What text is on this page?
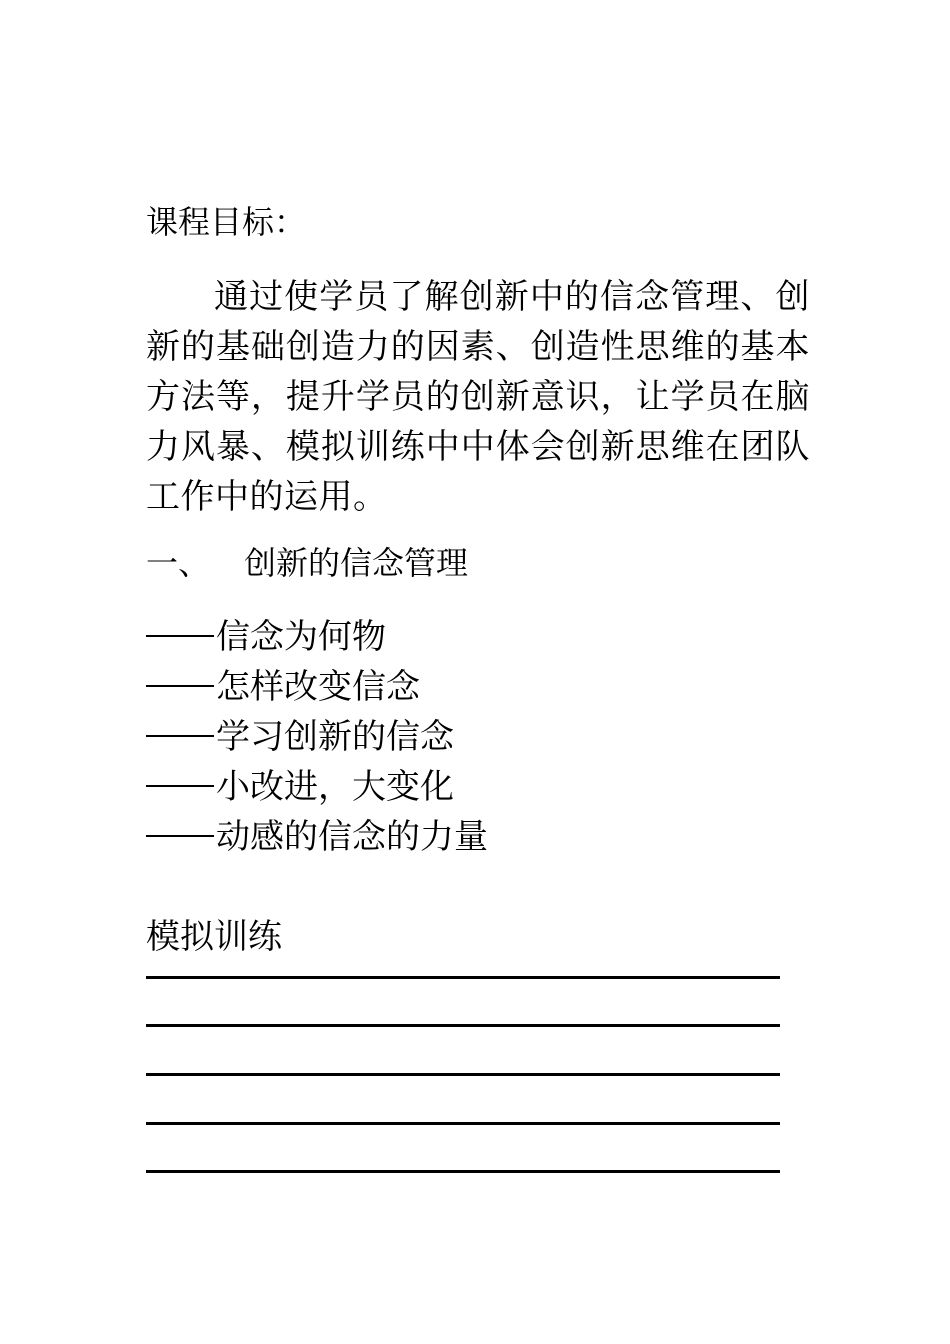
课程目标：

通过使学员了解创新中的信念管理、创新的基础创造力的因素、创造性思维的基本方法等，提升学员的创新意识，让学员在脑力风暴、模拟训练中中体会创新思维在团队工作中的运用。

一、 创新的信念管理
信念为何物
怎样改变信念
学习创新的信念
小改进，大变化
动感的信念的力量
模拟训练
